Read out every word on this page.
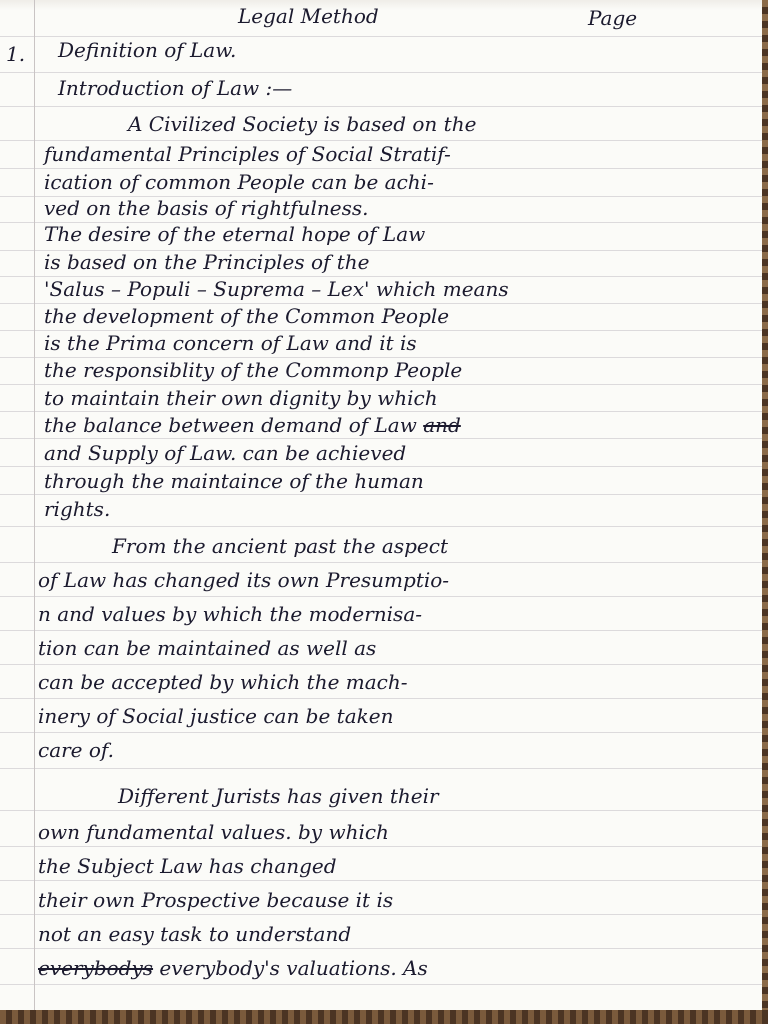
Legal Method	Page

1. Definition of Law.

Introduction of Law :—

A Civilized Society is based on the

fundamental Principles of Social Stratif-

ication of common People can be achi-

ved on the basis of rightfulness.

The desire of the eternal hope of Law

is based on the Principles of the

'Salus – Populi – Suprema – Lex' which means

the development of the Common People

is the Prima concern of Law and it is

the responsiblity of the Commonp People

to maintain their own dignity by which

the balance between demand of Law and

and Supply of Law. can be achieved

through the maintaince of the human

rights.

From the ancient past the aspect

of Law has changed its own Presumptio-

n and values by which the modernisa-

tion can be maintained as well as

can be accepted by which the mach-

inery of Social justice can be taken

care of.

Different Jurists has given their

own fundamental values. by which

the Subject Law has changed

their own Prospective because it is

not an easy task to understand

everybodys everybody's valuations. As
